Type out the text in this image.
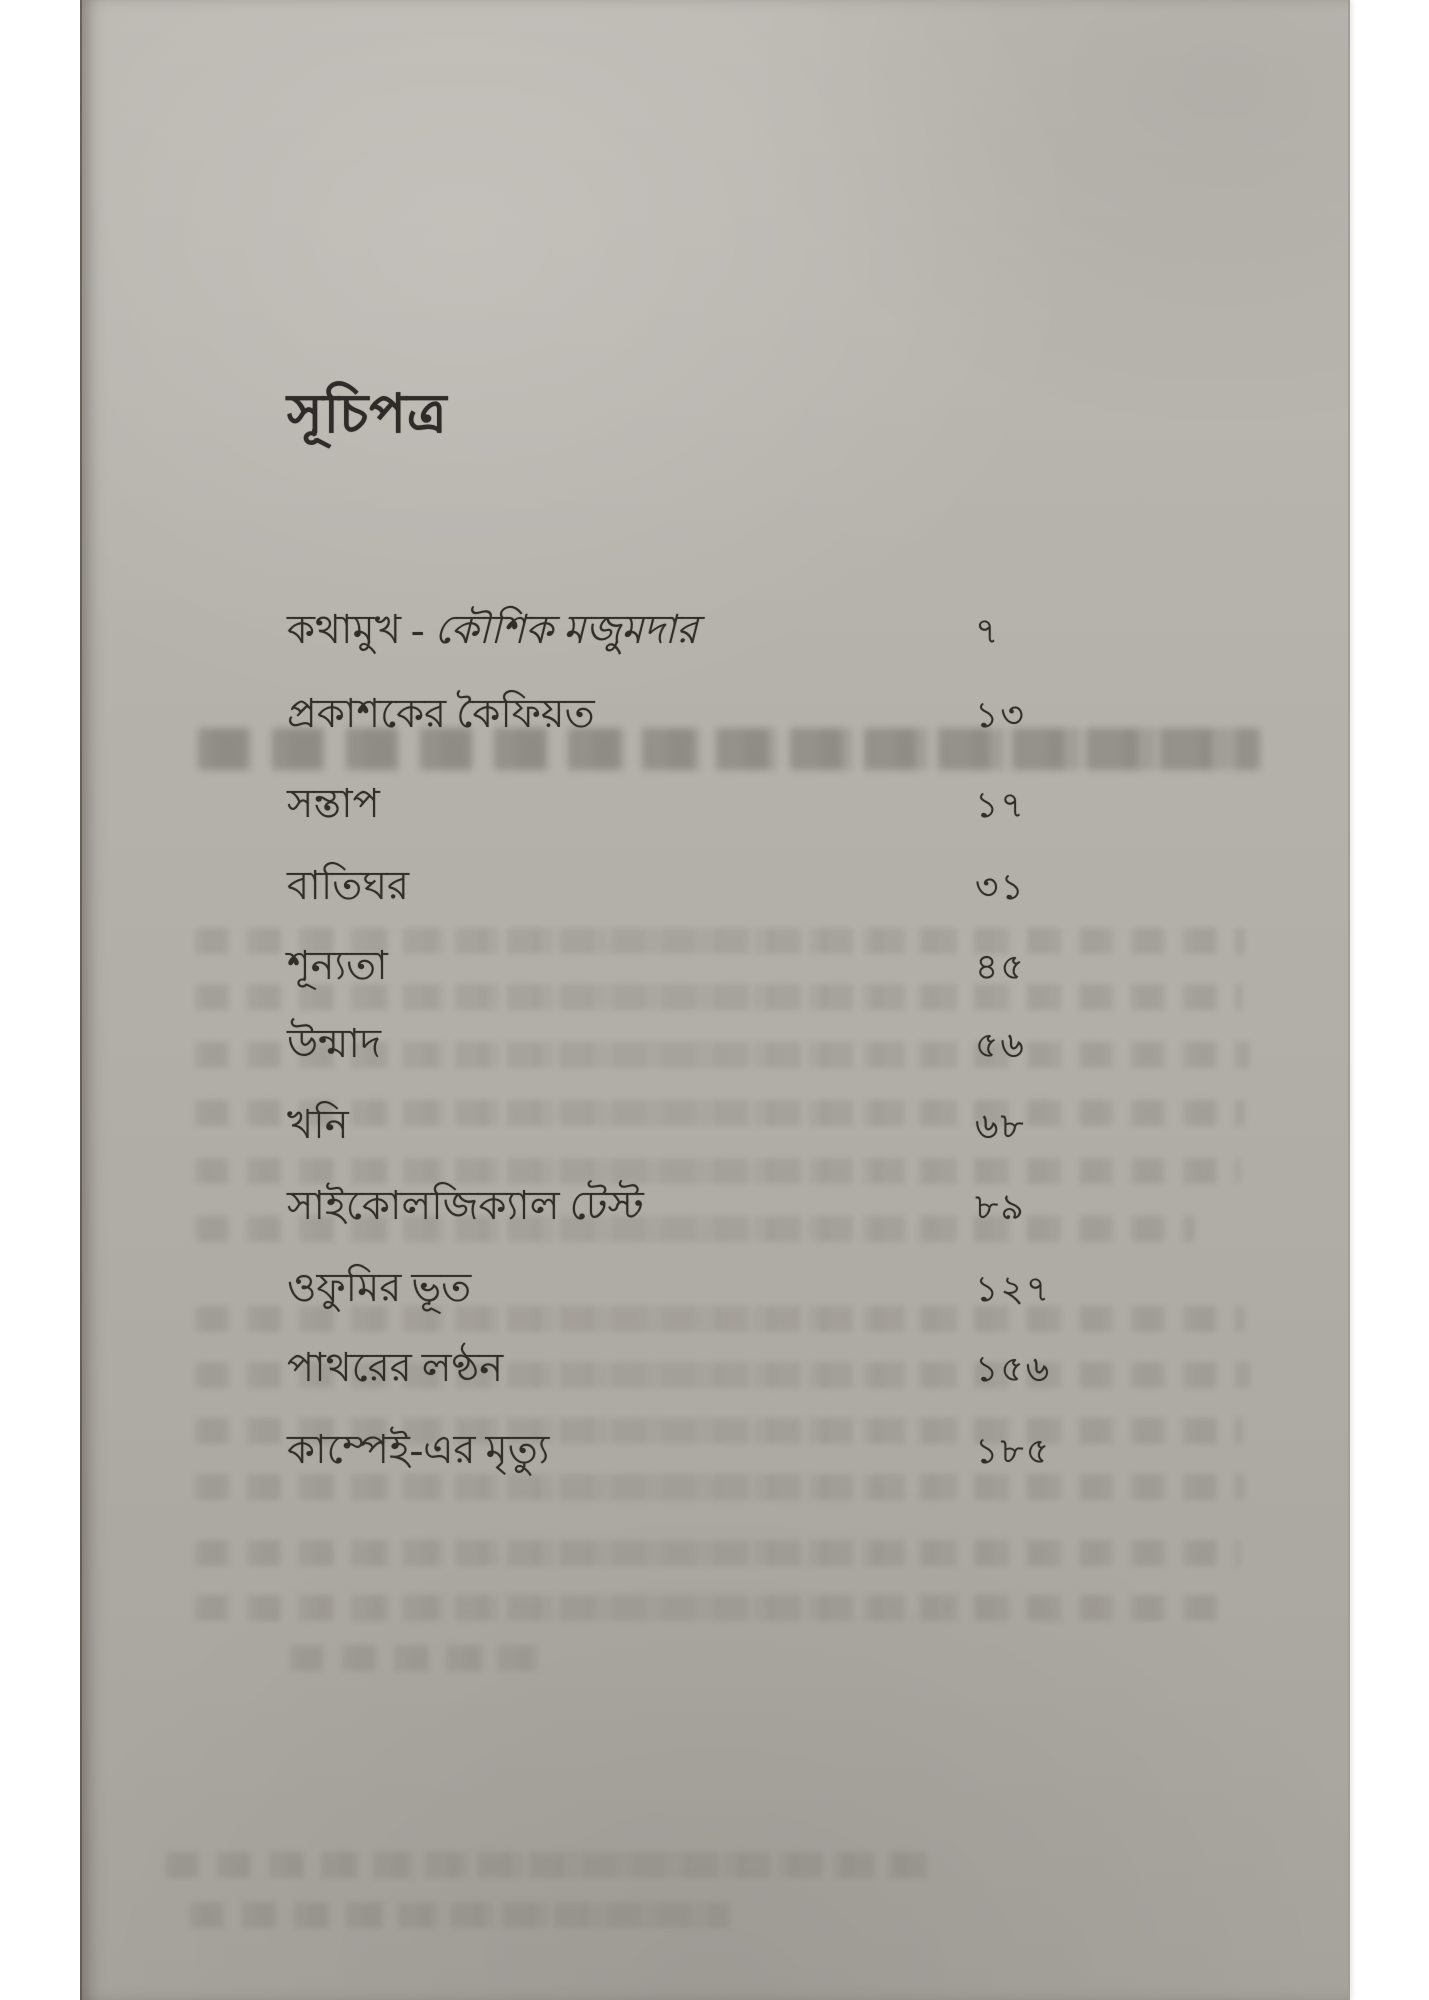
সূচিপত্র
কথামুখ - কৌশিক মজুমদার	৭
প্রকাশকের কৈফিয়ত	১৩
সন্তাপ	১৭
বাতিঘর	৩১
শূন্যতা	৪৫
উন্মাদ	৫৬
খনি	৬৮
সাইকোলজিক্যাল টেস্ট	৮৯
ওফুমির ভূত	১২৭
পাথরের লণ্ঠন	১৫৬
কাম্পেই-এর মৃত্যু	১৮৫
